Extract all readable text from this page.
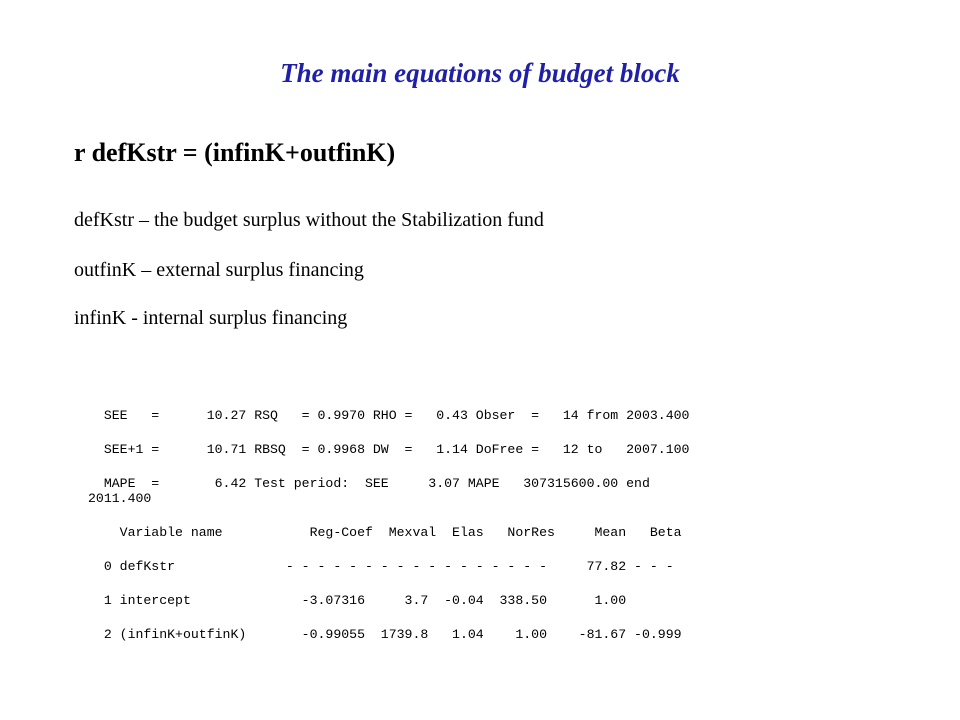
The main equations of budget block
r defKstr = (infinK+outfinK)
defKstr – the budget surplus without the Stabilization fund
outfinK – external surplus financing
infinK - internal surplus financing
SEE   =      10.27 RSQ   = 0.9970 RHO =   0.43 Obser  =   14 from 2003.400
SEE+1 =      10.71 RBSQ  = 0.9968 DW  =   1.14 DoFree =   12 to   2007.100
MAPE  =       6.42 Test period:  SEE     3.07 MAPE   307315600.00 end
2011.400
Variable name           Reg-Coef  Mexval  Elas   NorRes     Mean   Beta
0 defKstr              - - - - - - - - - - - - - - - - -     77.82 - - -
1 intercept              -3.07316     3.7  -0.04  338.50      1.00
2 (infinK+outfinK)       -0.99055  1739.8   1.04    1.00    -81.67 -0.999
